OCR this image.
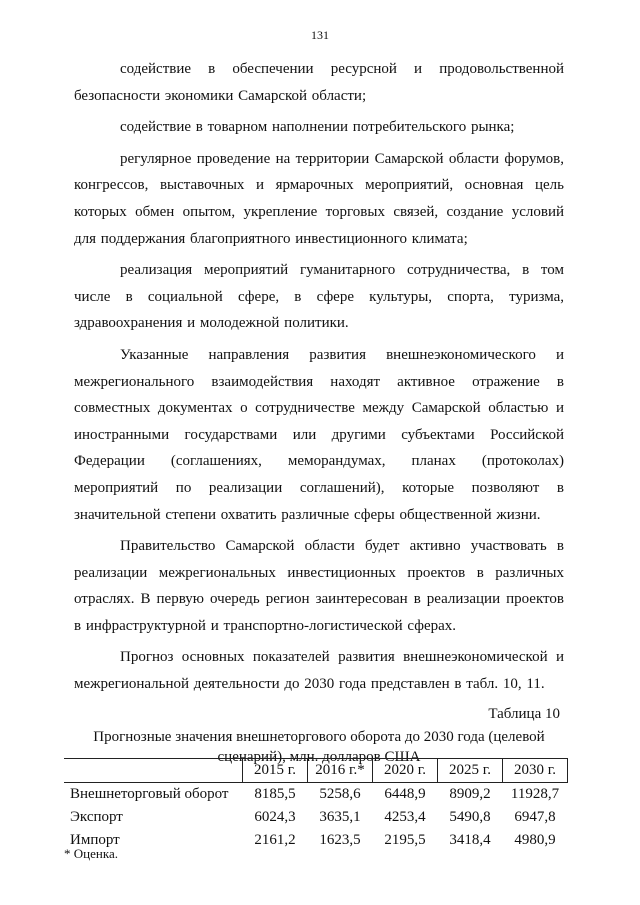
131

содействие в обеспечении ресурсной и продовольственной безопасности экономики Самарской области;

содействие в товарном наполнении потребительского рынка;

регулярное проведение на территории Самарской области форумов, конгрессов, выставочных и ярмарочных мероприятий, основная цель которых обмен опытом, укрепление торговых связей, создание условий для поддержания благоприятного инвестиционного климата;

реализация мероприятий гуманитарного сотрудничества, в том числе в социальной сфере, в сфере культуры, спорта, туризма, здравоохранения и молодежной политики.

Указанные направления развития внешнеэкономического и межрегионального взаимодействия находят активное отражение в совместных документах о сотрудничестве между Самарской областью и иностранными государствами или другими субъектами Российской Федерации (соглашениях, меморандумах, планах (протоколах) мероприятий по реализации соглашений), которые позволяют в значительной степени охватить различные сферы общественной жизни.

Правительство Самарской области будет активно участвовать в реализации межрегиональных инвестиционных проектов в различных отраслях. В первую очередь регион заинтересован в реализации проектов в инфраструктурной и транспортно-логистической сферах.

Прогноз основных показателей развития внешнеэкономической и межрегиональной деятельности до 2030 года представлен в табл. 10, 11.

Таблица 10
Прогнозные значения внешнеторгового оборота до 2030 года (целевой сценарий), млн. долларов США
	2015 г.	2016 г.*	2020 г.	2025 г.	2030 г.
Внешнеторговый оборот	8185,5	5258,6	6448,9	8909,2	11928,7
Экспорт	6024,3	3635,1	4253,4	5490,8	6947,8
Импорт	2161,2	1623,5	2195,5	3418,4	4980,9
* Оценка.
